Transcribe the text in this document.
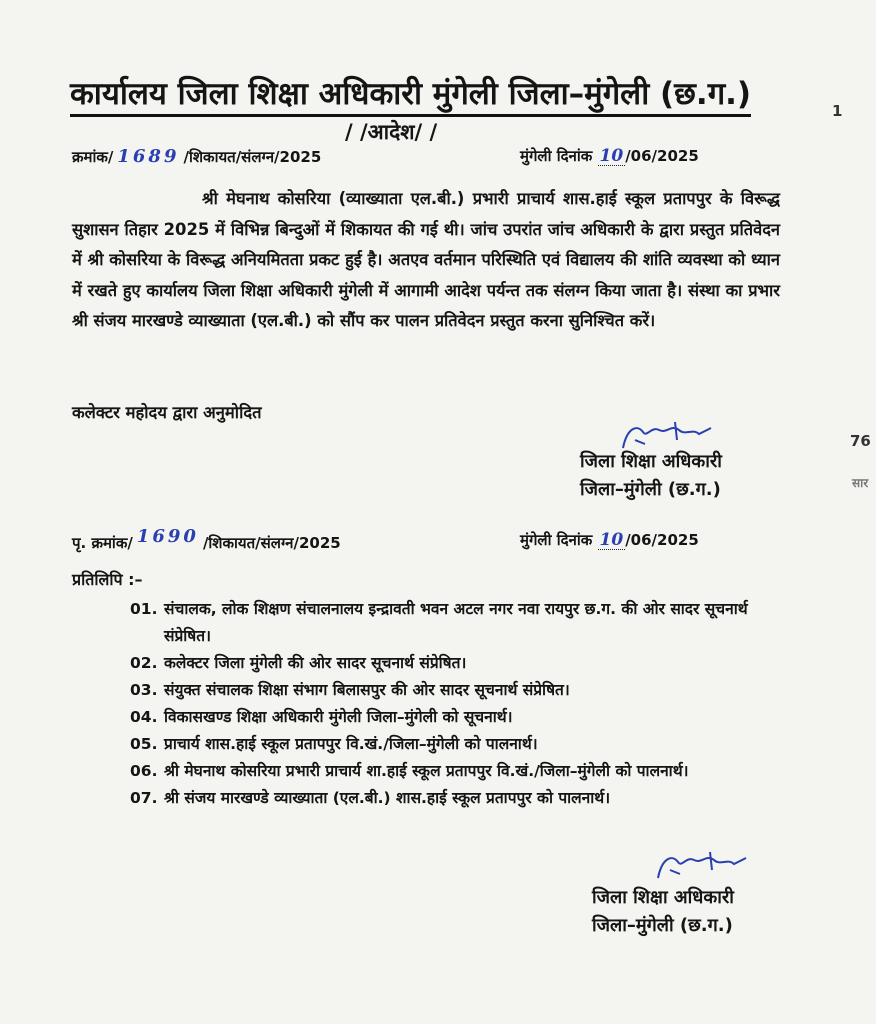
कार्यालय जिला शिक्षा अधिकारी मुंगेली जिला–मुंगेली (छ.ग.)
/ /आदेश/ /
क्रमांक/ 1689 /शिकायत/संलग्न/2025	मुंगेली दिनांक 10 /06/2025
श्री मेघनाथ कोसरिया (व्याख्याता एल.बी.) प्रभारी प्राचार्य शास.हाई स्कूल प्रतापपुर के विरूद्ध सुशासन तिहार 2025 में विभिन्न बिन्दुओं में शिकायत की गई थी। जांच उपरांत जांच अधिकारी के द्वारा प्रस्तुत प्रतिवेदन में श्री कोसरिया के विरूद्ध अनियमितता प्रकट हुई है। अतएव वर्तमान परिस्थिति एवं विद्यालय की शांति व्यवस्था को ध्यान में रखते हुए कार्यालय जिला शिक्षा अधिकारी मुंगेली में आगामी आदेश पर्यन्त तक संलग्न किया जाता है। संस्था का प्रभार श्री संजय मारखण्डे व्याख्याता (एल.बी.) को सौंप कर पालन प्रतिवेदन प्रस्तुत करना सुनिश्चित करें।
कलेक्टर महोदय द्वारा अनुमोदित
जिला शिक्षा अधिकारी
जिला–मुंगेली (छ.ग.)
पृ. क्रमांक/ 1690 /शिकायत/संलग्न/2025	मुंगेली दिनांक 10 /06/2025
प्रतिलिपि :–
01. संचालक, लोक शिक्षण संचालनालय इन्द्रावती भवन अटल नगर नवा रायपुर छ.ग. की ओर सादर सूचनार्थ संप्रेषित।
02. कलेक्टर जिला मुंगेली की ओर सादर सूचनार्थ संप्रेषित।
03. संयुक्त संचालक शिक्षा संभाग बिलासपुर की ओर सादर सूचनार्थ संप्रेषित।
04. विकासखण्ड शिक्षा अधिकारी मुंगेली जिला–मुंगेली को सूचनार्थ।
05. प्राचार्य शास.हाई स्कूल प्रतापपुर वि.खं./जिला–मुंगेली को पालनार्थ।
06. श्री मेघनाथ कोसरिया प्रभारी प्राचार्य शा.हाई स्कूल प्रतापपुर वि.खं./जिला–मुंगेली को पालनार्थ।
07. श्री संजय मारखण्डे व्याख्याता (एल.बी.) शास.हाई स्कूल प्रतापपुर को पालनार्थ।
जिला शिक्षा अधिकारी
जिला–मुंगेली (छ.ग.)
1
76
सार
